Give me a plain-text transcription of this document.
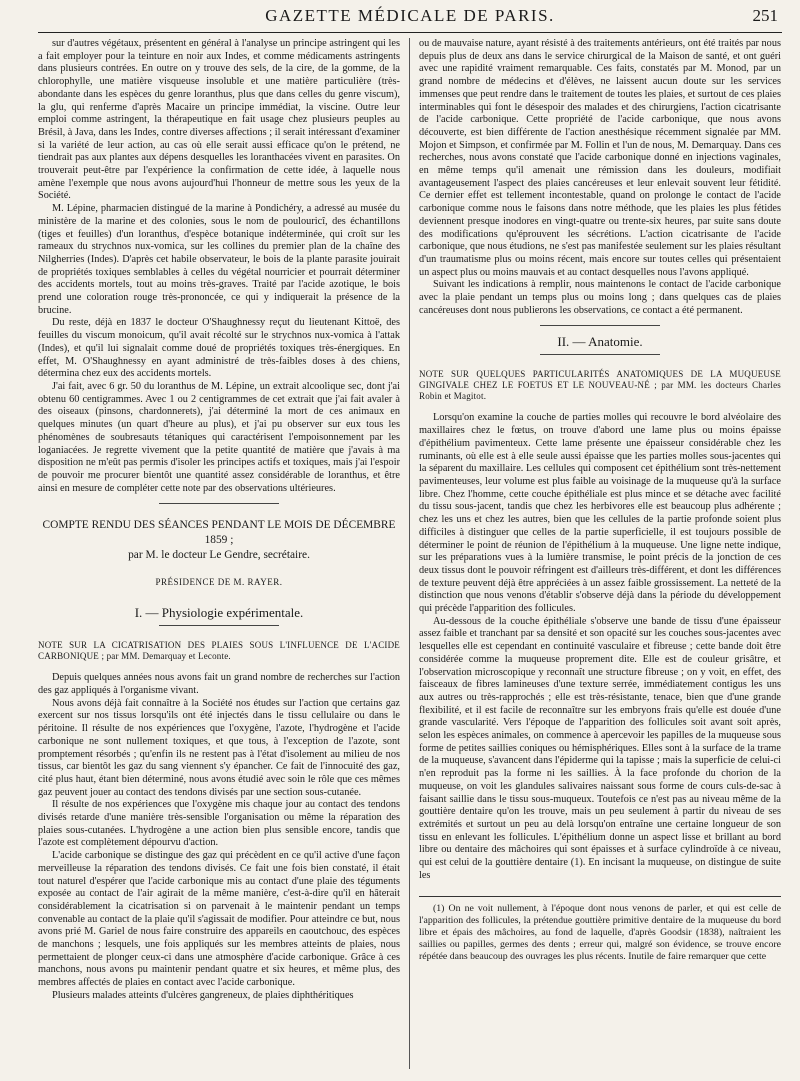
GAZETTE MÉDICALE DE PARIS.	251

sur d'autres végétaux, présentent en général à l'analyse un principe astringent qui les a fait employer pour la teinture en noir aux Indes, et comme médicaments astringents dans plusieurs contrées. En outre on y trouve des sels, de la cire, de la gomme, de la chlorophylle, une matière visqueuse insoluble et une matière particulière (très-abondante dans les espèces du genre loranthus, plus que dans celles du genre viscum), la glu, qui renferme d'après Macaire un principe immédiat, la viscine. Outre leur emploi comme astringent, la thérapeutique en fait usage chez plusieurs peuples au Brésil, à Java, dans les Indes, contre diverses affections ; il serait intéressant d'examiner si la variété de leur action, au cas où elle serait aussi efficace qu'on le prétend, ne tiendrait pas aux plantes aux dépens desquelles les loranthacées vivent en parasites. On trouverait peut-être par l'expérience la confirmation de cette idée, à laquelle nous amène l'exemple que nous avons aujourd'hui l'honneur de mettre sous les yeux de la Société.

M. Lépine, pharmacien distingué de la marine à Pondichéry, a adressé au musée du ministère de la marine et des colonies, sous le nom de poulouricî, des échantillons (tiges et feuilles) d'un loranthus, d'espèce botanique indéterminée, qui croît sur les rameaux du strychnos nux-vomica, sur les collines du premier plan de la chaîne des Nilgherries (Indes). D'après cet habile observateur, le bois de la plante parasite jouirait de propriétés toxiques semblables à celles du végétal nourricier et pourrait déterminer des accidents mortels, tout au moins très-graves. Traité par l'acide azotique, le bois prend une coloration rouge très-prononcée, ce qui y indiquerait la présence de la brucine.

Du reste, déjà en 1837 le docteur O'Shaughnessy reçut du lieutenant Kittoë, des feuilles du viscum monoicum, qu'il avait récolté sur le strychnos nux-vomica à l'attak (Indes), et qu'il lui signalait comme doué de propriétés toxiques très-énergiques. En effet, M. O'Shaughnessy en ayant administré de très-faibles doses à des chiens, détermina chez eux des accidents mortels.

J'ai fait, avec 6 gr. 50 du loranthus de M. Lépine, un extrait alcoolique sec, dont j'ai obtenu 60 centigrammes. Avec 1 ou 2 centigrammes de cet extrait que j'ai fait avaler à des oiseaux (pinsons, chardonnerets), j'ai déterminé la mort de ces animaux en quelques minutes (un quart d'heure au plus), et j'ai pu observer sur eux tous les phénomènes de soubresauts tétaniques qui caractérisent l'empoisonnement par les loganiacées. Je regrette vivement que la petite quantité de matière que j'avais à ma disposition ne m'eût pas permis d'isoler les principes actifs et toxiques, mais j'ai l'espoir de pouvoir me procurer bientôt une quantité assez considérable de loranthus, et être ainsi en mesure de compléter cette note par des observations ultérieures.

COMPTE RENDU DES SÉANCES PENDANT LE MOIS DE DÉCEMBRE 1859 ;
par M. le docteur Le Gendre, secrétaire.
PRÉSIDENCE DE M. RAYER.
I. — Physiologie expérimentale.
NOTE SUR LA CICATRISATION DES PLAIES SOUS L'INFLUENCE DE L'ACIDE CARBONIQUE ; par MM. Demarquay et Leconte.

Depuis quelques années nous avons fait un grand nombre de recherches sur l'action des gaz appliqués à l'organisme vivant.

Nous avons déjà fait connaître à la Société nos études sur l'action que certains gaz exercent sur nos tissus lorsqu'ils ont été injectés dans le tissu cellulaire ou dans le péritoine. Il résulte de nos expériences que l'oxygène, l'azote, l'hydrogène et l'acide carbonique ne sont nullement toxiques, et que tous, à l'exception de l'azote, sont promptement résorbés ; qu'enfin ils ne restent pas à l'état d'isolement au milieu de nos tissus, car bientôt les gaz du sang viennent s'y épancher. Ce fait de l'innocuité des gaz, cité plus haut, étant bien déterminé, nous avons étudié avec soin le rôle que ces mêmes gaz peuvent jouer au contact des tendons divisés par une section sous-cutanée.

Il résulte de nos expériences que l'oxygène mis chaque jour au contact des tendons divisés retarde d'une manière très-sensible l'organisation ou même la réparation des plaies sous-cutanées. L'hydrogène a une action bien plus sensible encore, tandis que l'azote est complètement dépourvu d'action.

L'acide carbonique se distingue des gaz qui précèdent en ce qu'il active d'une façon merveilleuse la réparation des tendons divisés. Ce fait une fois bien constaté, il était tout naturel d'espérer que l'acide carbonique mis au contact d'une plaie des téguments exposée au contact de l'air agirait de la même manière, c'est-à-dire qu'il en hâterait considérablement la cicatrisation si on parvenait à le maintenir pendant un temps convenable au contact de la plaie qu'il s'agissait de modifier. Pour atteindre ce but, nous avons prié M. Gariel de nous faire construire des appareils en caoutchouc, des espèces de manchons ; lesquels, une fois appliqués sur les membres atteints de plaies, nous permettaient de plonger ceux-ci dans une atmosphère d'acide carbonique. Grâce à ces manchons, nous avons pu maintenir pendant quatre et six heures, et même plus, des membres affectés de plaies en contact avec l'acide carbonique.

Plusieurs malades atteints d'ulcères gangreneux, de plaies diphthéritiques

ou de mauvaise nature, ayant résisté à des traitements antérieurs, ont été traités par nous depuis plus de deux ans dans le service chirurgical de la Maison de santé, et ont guéri avec une rapidité vraiment remarquable. Ces faits, constatés par M. Monod, par un grand nombre de médecins et d'élèves, ne laissent aucun doute sur les services immenses que peut rendre dans le traitement de toutes les plaies, et surtout de ces plaies interminables qui font le désespoir des malades et des chirurgiens, l'action cicatrisante de l'acide carbonique. Cette propriété de l'acide carbonique, que nous avons découverte, est bien différente de l'action anesthésique récemment signalée par MM. Mojon et Simpson, et confirmée par M. Follin et l'un de nous, M. Demarquay. Dans ces recherches, nous avons constaté que l'acide carbonique donné en injections vaginales, en même temps qu'il amenait une rémission dans les douleurs, modifiait avantageusement l'aspect des plaies cancéreuses et leur enlevait souvent leur fétidité. Ce dernier effet est tellement incontestable, quand on prolonge le contact de l'acide carbonique comme nous le faisons dans notre méthode, que les plaies les plus fétides deviennent presque inodores en vingt-quatre ou trente-six heures, par suite sans doute des modifications qu'éprouvent les sécrétions. L'action cicatrisante de l'acide carbonique, que nous étudions, ne s'est pas manifestée seulement sur les plaies résultant d'un traumatisme plus ou moins récent, mais encore sur toutes celles qui présentaient un aspect plus ou moins mauvais et au contact desquelles nous l'avons appliqué.

Suivant les indications à remplir, nous maintenons le contact de l'acide carbonique avec la plaie pendant un temps plus ou moins long ; dans quelques cas de plaies cancéreuses dont nous publierons les observations, ce contact a été permanent.

II. — Anatomie.
NOTE SUR QUELQUES PARTICULARITÉS ANATOMIQUES DE LA MUQUEUSE GINGIVALE CHEZ LE FOETUS ET LE NOUVEAU-NÉ ; par MM. les docteurs Charles Robin et Magitot.

Lorsqu'on examine la couche de parties molles qui recouvre le bord alvéolaire des maxillaires chez le fœtus, on trouve d'abord une lame plus ou moins épaisse d'épithélium pavimenteux. Cette lame présente une épaisseur considérable chez les ruminants, où elle est à elle seule aussi épaisse que les parties molles sous-jacentes qui la séparent du maxillaire. Les cellules qui composent cet épithélium sont très-nettement pavimenteuses, leur volume est plus faible au voisinage de la muqueuse qu'à la surface libre. Chez l'homme, cette couche épithéliale est plus mince et se détache avec facilité du tissu sous-jacent, tandis que chez les herbivores elle est beaucoup plus adhérente ; chez les uns et chez les autres, bien que les cellules de la partie profonde soient plus difficiles à distinguer que celles de la partie superficielle, il est toujours possible de déterminer le point de réunion de l'épithélium à la muqueuse. Une ligne nette indique, sur les préparations vues à la lumière transmise, le point précis de la jonction de ces deux tissus dont le pouvoir réfringent est d'ailleurs très-différent, et dont les différences de texture peuvent déjà être appréciées à un assez faible grossissement. La netteté de la distinction que nous venons d'établir s'observe déjà dans la période du développement qui précède l'apparition des follicules.

Au-dessous de la couche épithéliale s'observe une bande de tissu d'une épaisseur assez faible et tranchant par sa densité et son opacité sur les couches sous-jacentes avec lesquelles elle est cependant en continuité vasculaire et fibreuse ; cette bande doit être considérée comme la muqueuse proprement dite. Elle est de couleur grisâtre, et l'observation microscopique y reconnaît une structure fibreuse ; on y voit, en effet, des faisceaux de fibres lamineuses d'une texture serrée, immédiatement contigus les uns aux autres ou très-rapprochés ; elle est très-résistante, tenace, bien que d'une grande flexibilité, et il est facile de reconnaître sur les embryons frais qu'elle est douée d'une grande vascularité. Vers l'époque de l'apparition des follicules soit avant soit après, selon les espèces animales, on commence à apercevoir les papilles de la muqueuse sous forme de petites saillies coniques ou hémisphériques. Elles sont à la surface de la trame de la muqueuse, s'avancent dans l'épiderme qui la tapisse ; mais la superficie de celui-ci n'en reproduit pas la forme ni les saillies. À la face profonde du chorion de la muqueuse, on voit les glandules salivaires naissant sous forme de cours culs-de-sac à faisant saillie dans le tissu sous-muqueux. Toutefois ce n'est pas au niveau même de la gouttière dentaire qu'on les trouve, mais un peu seulement à partir du niveau de ses extrémités et surtout un peu au delà lorsqu'on entraîne une certaine longueur de son tissu en enlevant les follicules. L'épithélium donne un aspect lisse et brillant au bord libre ou dentaire des mâchoires qui sont épaisses et à surface cylindroïde à ce niveau, qui est celui de la gouttière dentaire (1). En incisant la muqueuse, on distingue de suite les

(1) On ne voit nullement, à l'époque dont nous venons de parler, et qui est celle de l'apparition des follicules, la prétendue gouttière primitive dentaire de la muqueuse du bord libre et épais des mâchoires, au fond de laquelle, d'après Goodsir (1838), naîtraient les saillies ou papilles, germes des dents ; erreur qui, malgré son évidence, se trouve encore répétée dans beaucoup des ouvrages les plus récents. Inutile de faire remarquer que cette
